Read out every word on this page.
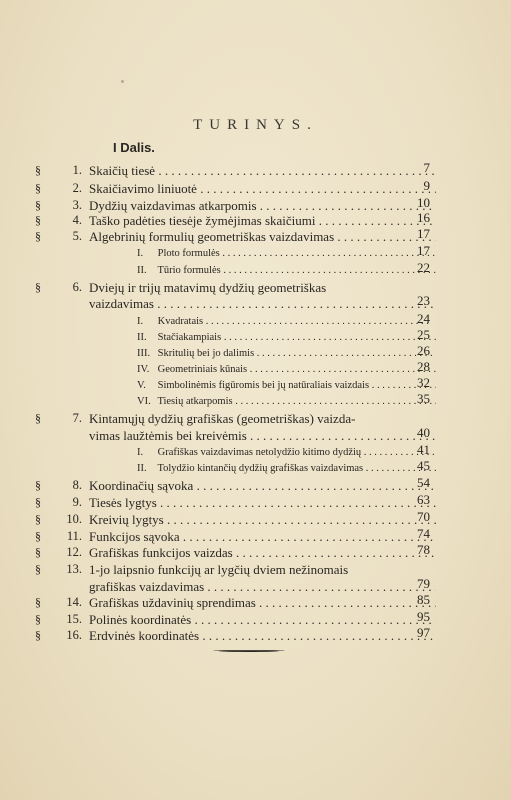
TURINYS.
I Dalis.
§	1. Skaičių tiesė . . .	7
§	2. Skaičiavimo liniuotė . . .	9
§	3. Dydžių vaizdavimas atkarpomis . . .	10
§	4. Taško padėties tiesėje žymėjimas skaičiumi . . .	16
§	5. Algebrinių formulių geometriškas vaizdavimas . . .	17
I. Ploto formulės . . .	17
II. Tūrio formulės . . .	22
§	6. Dviejų ir trijų matavimų dydžių geometriškas
vaizdavimas . . .	23
I. Kvadratais . . .	24
II. Stačiakampiais . . .	25
III. Skritulių bei jo dalimis . . .	26
IV. Geometriniais kūnais . . .	28
V. Simbolinėmis figūromis bei jų natūraliais vaizdais . . .	32
VI. Tiesių atkarpomis . . .	35
§	7. Kintamųjų dydžių grafiškas (geometriškas) vaizda-
vimas laužtėmis bei kreivėmis . . .	40
I. Grafiškas vaizdavimas netolydžio kitimo dydžių . . .	41
II. Tolydžio kintančių dydžių grafiškas vaizdavimas . . .	45
§	8. Koordinačių sąvoka . . .	54
§	9. Tiesės lygtys . . .	63
§ 10. Kreivių lygtys . . .	70
§ 11. Funkcijos sąvoka . . .	74
§ 12. Grafiškas funkcijos vaizdas . . .	78
§ 13. 1-jo laipsnio funkcijų ar lygčių dviem nežinomais
grafiškas vaizdavimas . . .	79
§ 14. Grafiškas uždavinių sprendimas . . .	85
§ 15. Polinės koordinatės . . .	95
§ 16. Erdvinės koordinatės . . .	97
